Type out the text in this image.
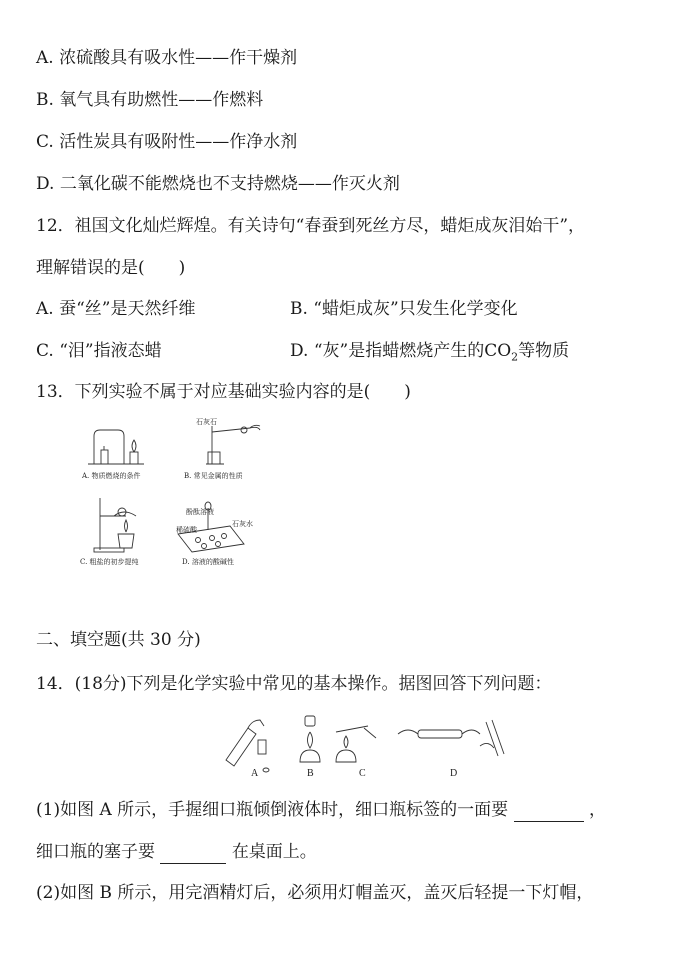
A. 浓硫酸具有吸水性——作干燥剂
B. 氧气具有助燃性——作燃料
C. 活性炭具有吸附性——作净水剂
D. 二氧化碳不能燃烧也不支持燃烧——作灭火剂
12．祖国文化灿烂辉煌。有关诗句“春蚕到死丝方尽，蜡炬成灰泪始干”，
理解错误的是(　　)
A. 蚕“丝”是天然纤维	B. “蜡炬成灰”只发生化学变化
C. “泪”指液态蜡	D. “灰”是指蜡燃烧产生的$CO_2$等物质
13．下列实验不属于对应基础实验内容的是(　　)
A. 物质燃烧的条件
石灰石
B. 常见金属的性质
C. 粗盐的初步提纯
酚酞溶液
稀硫酸
石灰水
D. 溶液的酸碱性
二、填空题(共 30 分)
14．(18分)下列是化学实验中常见的基本操作。据图回答下列问题：
A	B	C	D
(1)如图 A 所示，手握细口瓶倾倒液体时，细口瓶标签的一面要	，
细口瓶的塞子要	在桌面上。
(2)如图 B 所示，用完酒精灯后，必须用灯帽盖灭，盖灭后轻提一下灯帽，
